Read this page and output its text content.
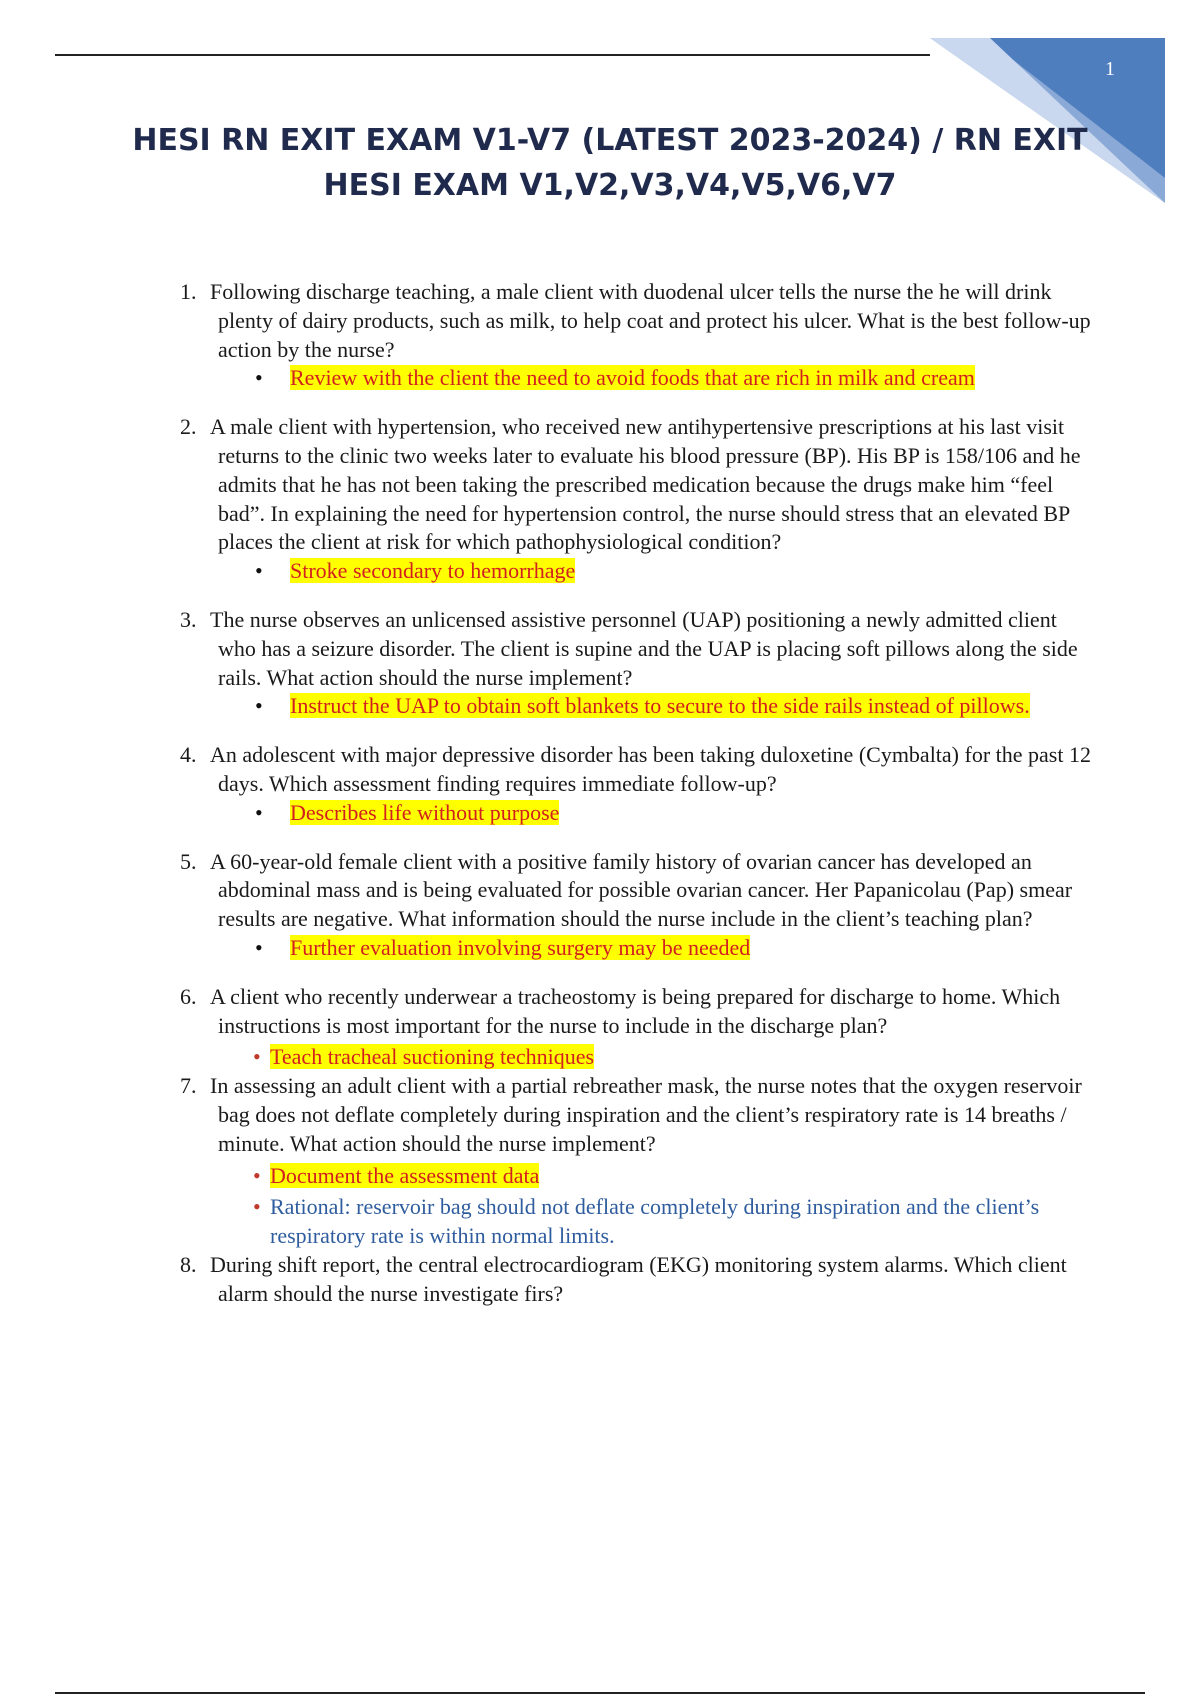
1
HESI RN EXIT EXAM V1-V7 (LATEST 2023-2024) / RN EXIT HESI EXAM V1,V2,V3,V4,V5,V6,V7
1. Following discharge teaching, a male client with duodenal ulcer tells the nurse the he will drink plenty of dairy products, such as milk, to help coat and protect his ulcer. What is the best follow-up action by the nurse?
• Review with the client the need to avoid foods that are rich in milk and cream
2. A male client with hypertension, who received new antihypertensive prescriptions at his last visit returns to the clinic two weeks later to evaluate his blood pressure (BP). His BP is 158/106 and he admits that he has not been taking the prescribed medication because the drugs make him “feel bad”. In explaining the need for hypertension control, the nurse should stress that an elevated BP places the client at risk for which pathophysiological condition?
• Stroke secondary to hemorrhage
3. The nurse observes an unlicensed assistive personnel (UAP) positioning a newly admitted client who has a seizure disorder. The client is supine and the UAP is placing soft pillows along the side rails. What action should the nurse implement?
• Instruct the UAP to obtain soft blankets to secure to the side rails instead of pillows.
4. An adolescent with major depressive disorder has been taking duloxetine (Cymbalta) for the past 12 days. Which assessment finding requires immediate follow-up?
• Describes life without purpose
5. A 60-year-old female client with a positive family history of ovarian cancer has developed an abdominal mass and is being evaluated for possible ovarian cancer. Her Papanicolau (Pap) smear results are negative. What information should the nurse include in the client’s teaching plan?
• Further evaluation involving surgery may be needed
6. A client who recently underwear a tracheostomy is being prepared for discharge to home. Which instructions is most important for the nurse to include in the discharge plan?
• Teach tracheal suctioning techniques
7. In assessing an adult client with a partial rebreather mask, the nurse notes that the oxygen reservoir bag does not deflate completely during inspiration and the client’s respiratory rate is 14 breaths / minute. What action should the nurse implement?
• Document the assessment data
• Rational: reservoir bag should not deflate completely during inspiration and the client’s respiratory rate is within normal limits.
8. During shift report, the central electrocardiogram (EKG) monitoring system alarms. Which client alarm should the nurse investigate firs?
